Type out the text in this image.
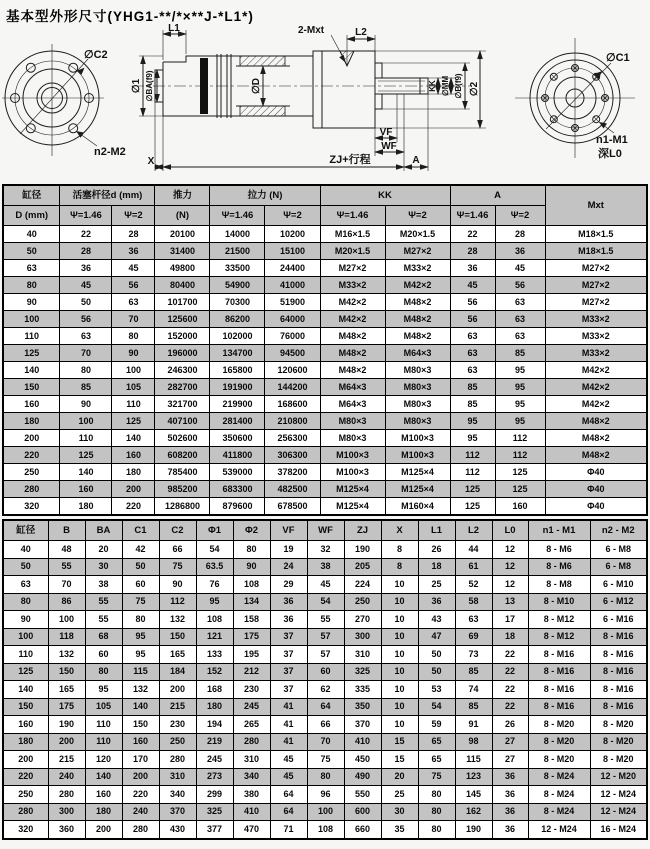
基本型外形尺寸(YHG1-**/*×**J-*L1*)
∅C2
n2-M2
∅D
2-Mxt
L1	L2
∅1 ∅BA(f9)	KK ∅MM ∅B(f9) ∅2
VF
WF
X	ZJ+行程	A
∅C1
n1-M1
深L0
缸径	活塞杆径d (mm)		推力	拉力 (N)		KK		A		Mxt
D (mm)	Ψ=1.46	Ψ=2	(N)	Ψ=1.46	Ψ=2	Ψ=1.46	Ψ=2	Ψ=1.46	Ψ=2	
40	22	28	20100	14000	10200	M16×1.5	M20×1.5	22	28	M18×1.5
50	28	36	31400	21500	15100	M20×1.5	M27×2	28	36	M18×1.5
63	36	45	49800	33500	24400	M27×2	M33×2	36	45	M27×2
80	45	56	80400	54900	41000	M33×2	M42×2	45	56	M27×2
90	50	63	101700	70300	51900	M42×2	M48×2	56	63	M27×2
100	56	70	125600	86200	64000	M42×2	M48×2	56	63	M33×2
110	63	80	152000	102000	76000	M48×2	M48×2	63	63	M33×2
125	70	90	196000	134700	94500	M48×2	M64×3	63	85	M33×2
140	80	100	246300	165800	120600	M48×2	M80×3	63	95	M42×2
150	85	105	282700	191900	144200	M64×3	M80×3	85	95	M42×2
160	90	110	321700	219900	168600	M64×3	M80×3	85	95	M42×2
180	100	125	407100	281400	210800	M80×3	M80×3	95	95	M48×2
200	110	140	502600	350600	256300	M80×3	M100×3	95	112	M48×2
220	125	160	608200	411800	306300	M100×3	M100×3	112	112	M48×2
250	140	180	785400	539000	378200	M100×3	M125×4	112	125	Φ40
280	160	200	985200	683300	482500	M125×4	M125×4	125	125	Φ40
320	180	220	1286800	879600	678500	M125×4	M160×4	125	160	Φ40
缸径	B	BA	C1	C2	Φ1	Φ2	VF	WF	ZJ	X	L1	L2	L0	n1 - M1	n2 - M2
40	48	20	42	66	54	80	19	32	190	8	26	44	12	8 - M6	6 - M8
50	55	30	50	75	63.5	90	24	38	205	8	18	61	12	8 - M6	6 - M8
63	70	38	60	90	76	108	29	45	224	10	25	52	12	8 - M8	6 - M10
80	86	55	75	112	95	134	36	54	250	10	36	58	13	8 - M10	6 - M12
90	100	55	80	132	108	158	36	55	270	10	43	63	17	8 - M12	6 - M16
100	118	68	95	150	121	175	37	57	300	10	47	69	18	8 - M12	8 - M16
110	132	60	95	165	133	195	37	57	310	10	50	73	22	8 - M16	8 - M16
125	150	80	115	184	152	212	37	60	325	10	50	85	22	8 - M16	8 - M16
140	165	95	132	200	168	230	37	62	335	10	53	74	22	8 - M16	8 - M16
150	175	105	140	215	180	245	41	64	350	10	54	85	22	8 - M16	8 - M16
160	190	110	150	230	194	265	41	66	370	10	59	91	26	8 - M20	8 - M20
180	200	110	160	250	219	280	41	70	410	15	65	98	27	8 - M20	8 - M20
200	215	120	170	280	245	310	45	75	450	15	65	115	27	8 - M20	8 - M20
220	240	140	200	310	273	340	45	80	490	20	75	123	36	8 - M24	12 - M20
250	280	160	220	340	299	380	64	96	550	25	80	145	36	8 - M24	12 - M24
280	300	180	240	370	325	410	64	100	600	30	80	162	36	8 - M24	12 - M24
320	360	200	280	430	377	470	71	108	660	35	80	190	36	12 - M24	16 - M24
